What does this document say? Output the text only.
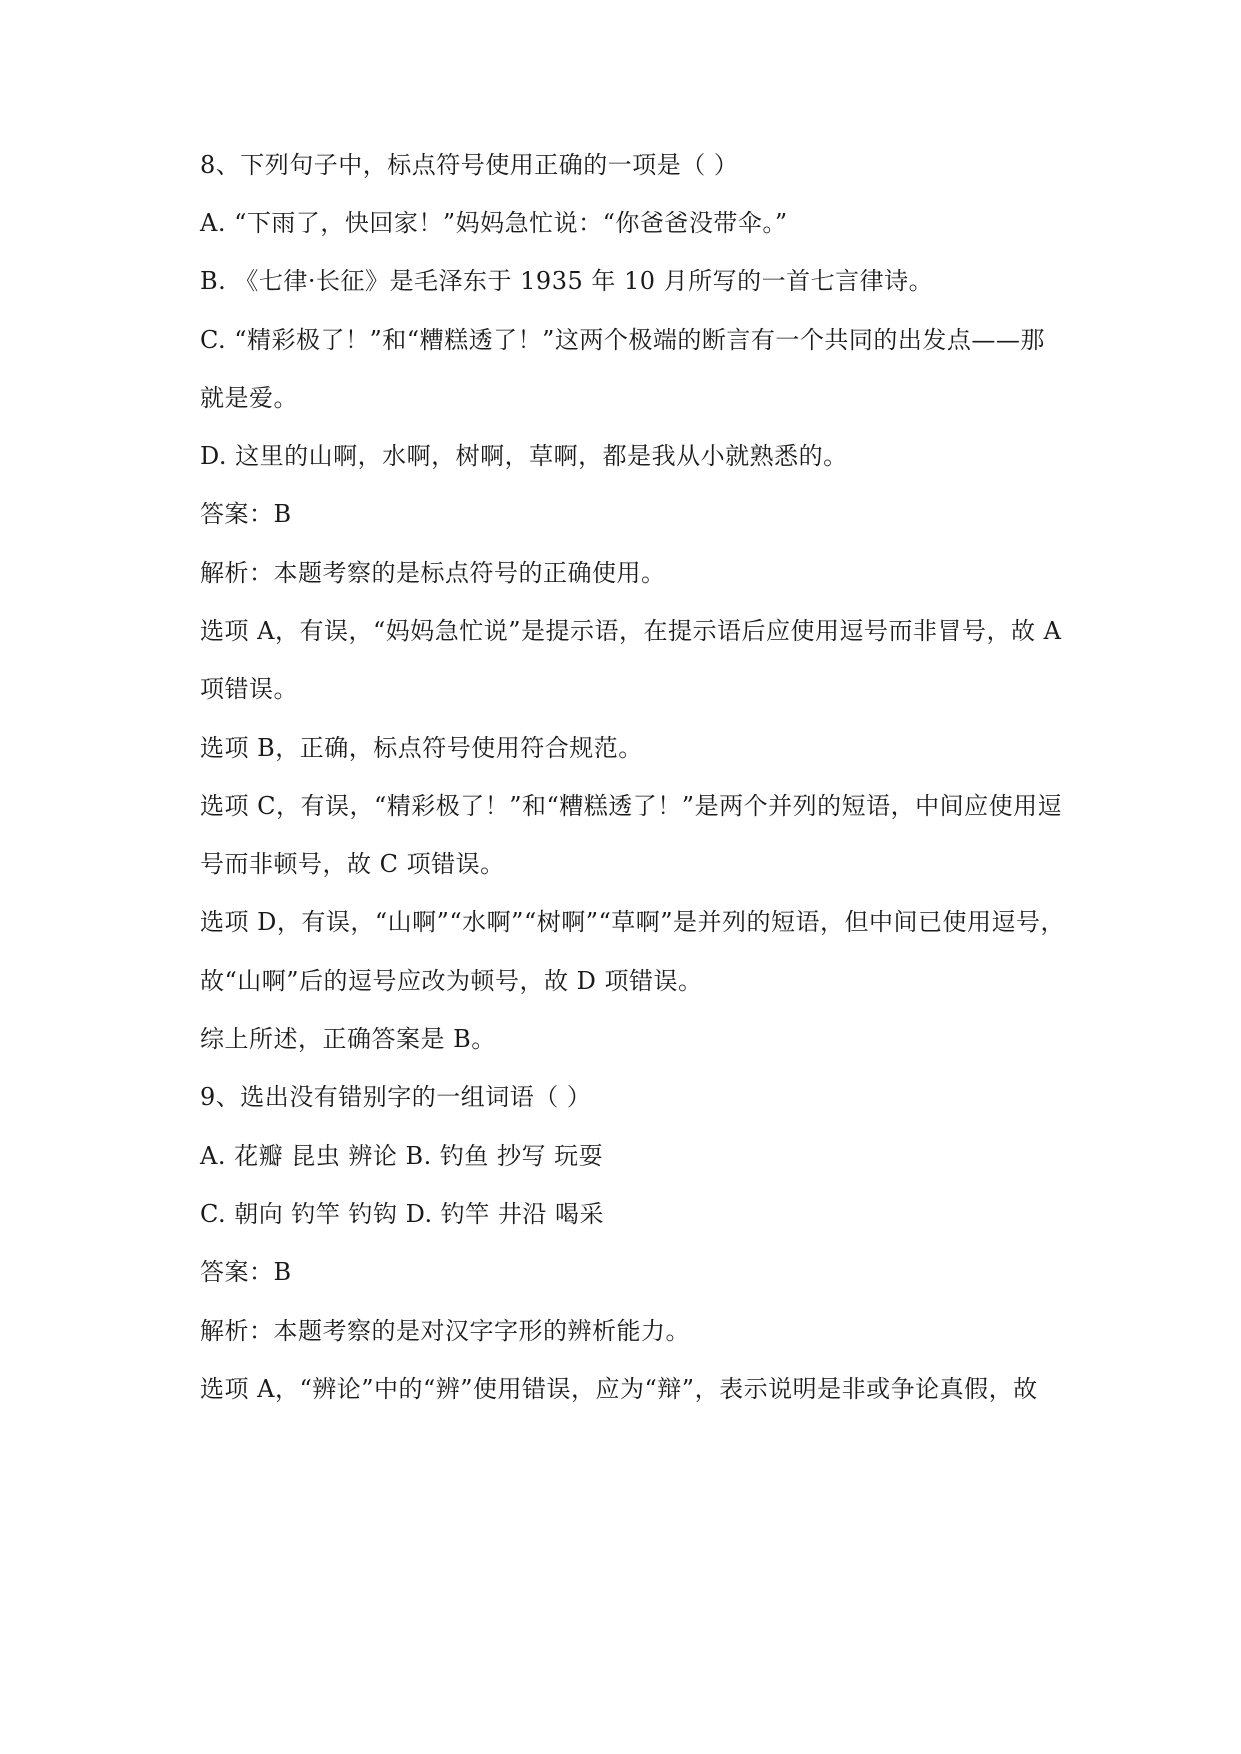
8、下列句子中，标点符号使用正确的一项是（ ）
A. “下雨了，快回家！”妈妈急忙说：“你爸爸没带伞。”
B. 《七律·长征》是毛泽东于 1935 年 10 月所写的一首七言律诗。
C. “精彩极了！”和“糟糕透了！”这两个极端的断言有一个共同的出发点——那
就是爱。
D. 这里的山啊，水啊，树啊，草啊，都是我从小就熟悉的。
答案：B
解析：本题考察的是标点符号的正确使用。
选项 A，有误，“妈妈急忙说”是提示语，在提示语后应使用逗号而非冒号，故 A
项错误。
选项 B，正确，标点符号使用符合规范。
选项 C，有误，“精彩极了！”和“糟糕透了！”是两个并列的短语，中间应使用逗
号而非顿号，故 C 项错误。
选项 D，有误，“山啊”“水啊”“树啊”“草啊”是并列的短语，但中间已使用逗号，
故“山啊”后的逗号应改为顿号，故 D 项错误。
综上所述，正确答案是 B。
9、选出没有错别字的一组词语（ ）
A. 花瓣 昆虫 辨论 B. 钓鱼 抄写 玩耍
C. 朝向 钓竿 钓钩 D. 钓竿 井沿 喝采
答案：B
解析：本题考察的是对汉字字形的辨析能力。
选项 A，“辨论”中的“辨”使用错误，应为“辩”，表示说明是非或争论真假，故
